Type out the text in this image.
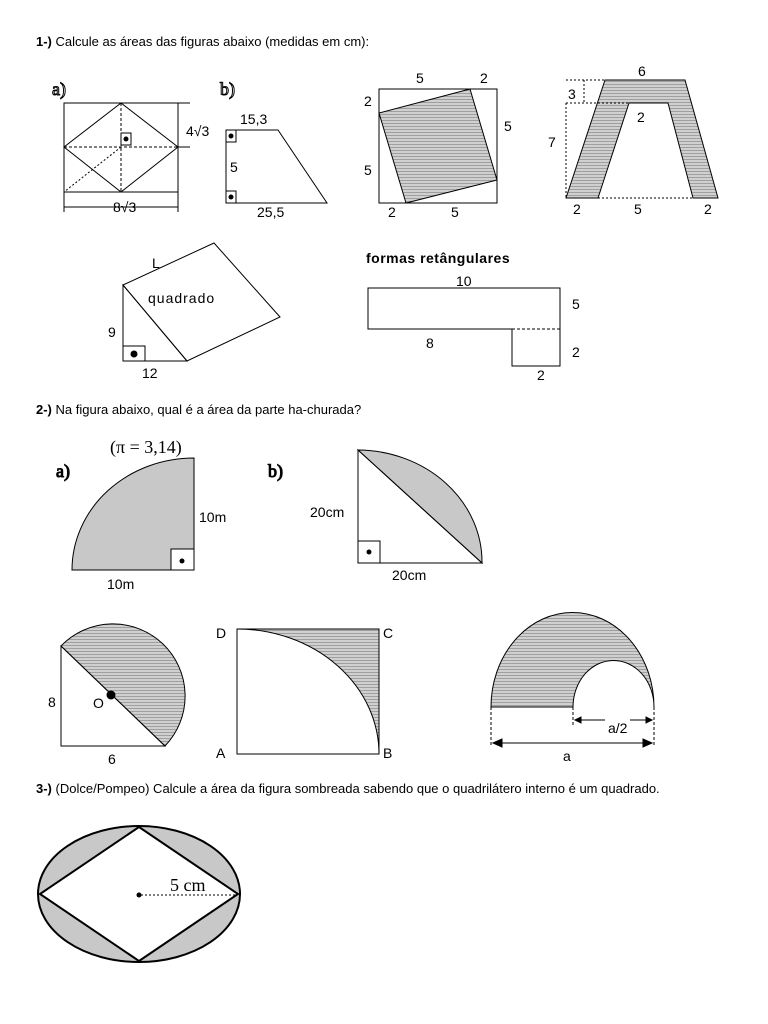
1-) Calcule as áreas das figuras abaixo (medidas em cm):
2-) Na figura abaixo, qual é a área da parte ha-churada?
3-) (Dolce/Pompeo) Calcule a área da figura sombreada sabendo que o quadrilátero interno é um quadrado.
a)
4√3
8√3
b)
15,3
5
25,5
5	2
2
5
5
2	5
6
3
7
2
2	5	2
L
quadrado
9
12
formas retângulares
10
5
8
2
2
(π = 3,14)
a)
10m
10m
b)
20cm
20cm
8	O
6
D	C
A	B
a/2
a
5 cm
